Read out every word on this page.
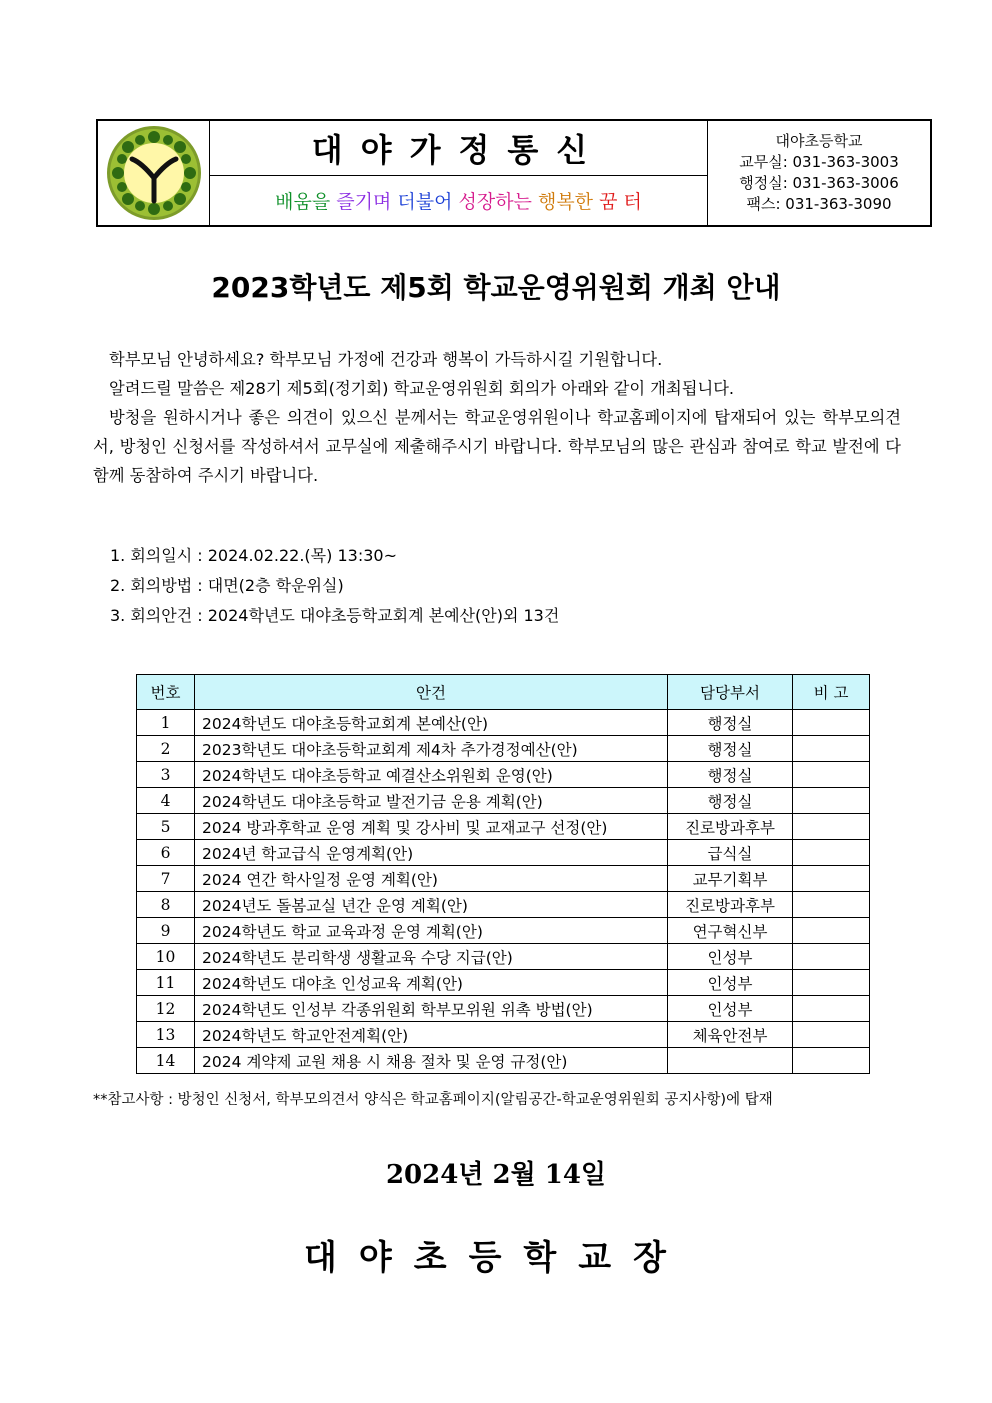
대야가정통신
배움을 즐기며 더불어 성장하는 행복한 꿈 터
대야초등학교
교무실: 031-363-3003
행정실: 031-363-3006
팩스: 031-363-3090
2023학년도 제5회 학교운영위원회 개최 안내

학부모님 안녕하세요? 학부모님 가정에 건강과 행복이 가득하시길 기원합니다.

알려드릴 말씀은 제28기 제5회(정기회) 학교운영위원회 회의가 아래와 같이 개최됩니다.

방청을 원하시거나 좋은 의견이 있으신 분께서는 학교운영위원이나 학교홈페이지에 탑재되어 있는 학부모의견서, 방청인 신청서를 작성하셔서 교무실에 제출해주시기 바랍니다. 학부모님의 많은 관심과 참여로 학교 발전에 다 함께 동참하여 주시기 바랍니다.

1. 회의일시 : 2024.02.22.(목) 13:30~

2. 회의방법 : 대면(2층 학운위실)

3. 회의안건 : 2024학년도 대야초등학교회계 본예산(안)외 13건

번호	안건	담당부서	비 고
1	2024학년도 대야초등학교회계 본예산(안)	행정실	
2	2023학년도 대야초등학교회계 제4차 추가경정예산(안)	행정실	
3	2024학년도 대야초등학교 예결산소위원회 운영(안)	행정실	
4	2024학년도 대야초등학교 발전기금 운용 계획(안)	행정실	
5	2024 방과후학교 운영 계획 및 강사비 및 교재교구 선정(안)	진로방과후부	
6	2024년 학교급식 운영계획(안)	급식실	
7	2024 연간 학사일정 운영 계획(안)	교무기획부	
8	2024년도 돌봄교실 년간 운영 계획(안)	진로방과후부	
9	2024학년도 학교 교육과정 운영 계획(안)	연구혁신부	
10	2024학년도 분리학생 생활교육 수당 지급(안)	인성부	
11	2024학년도 대야초 인성교육 계획(안)	인성부	
12	2024학년도 인성부 각종위원회 학부모위원 위촉 방법(안)	인성부	
13	2024학년도 학교안전계획(안)	체육안전부	
14	2024 계약제 교원 채용 시 채용 절차 및 운영 규정(안)		
**참고사항 : 방청인 신청서, 학부모의견서 양식은 학교홈페이지(알림공간-학교운영위원회 공지사항)에 탑재
2024년 2월 14일
대야초등학교장
